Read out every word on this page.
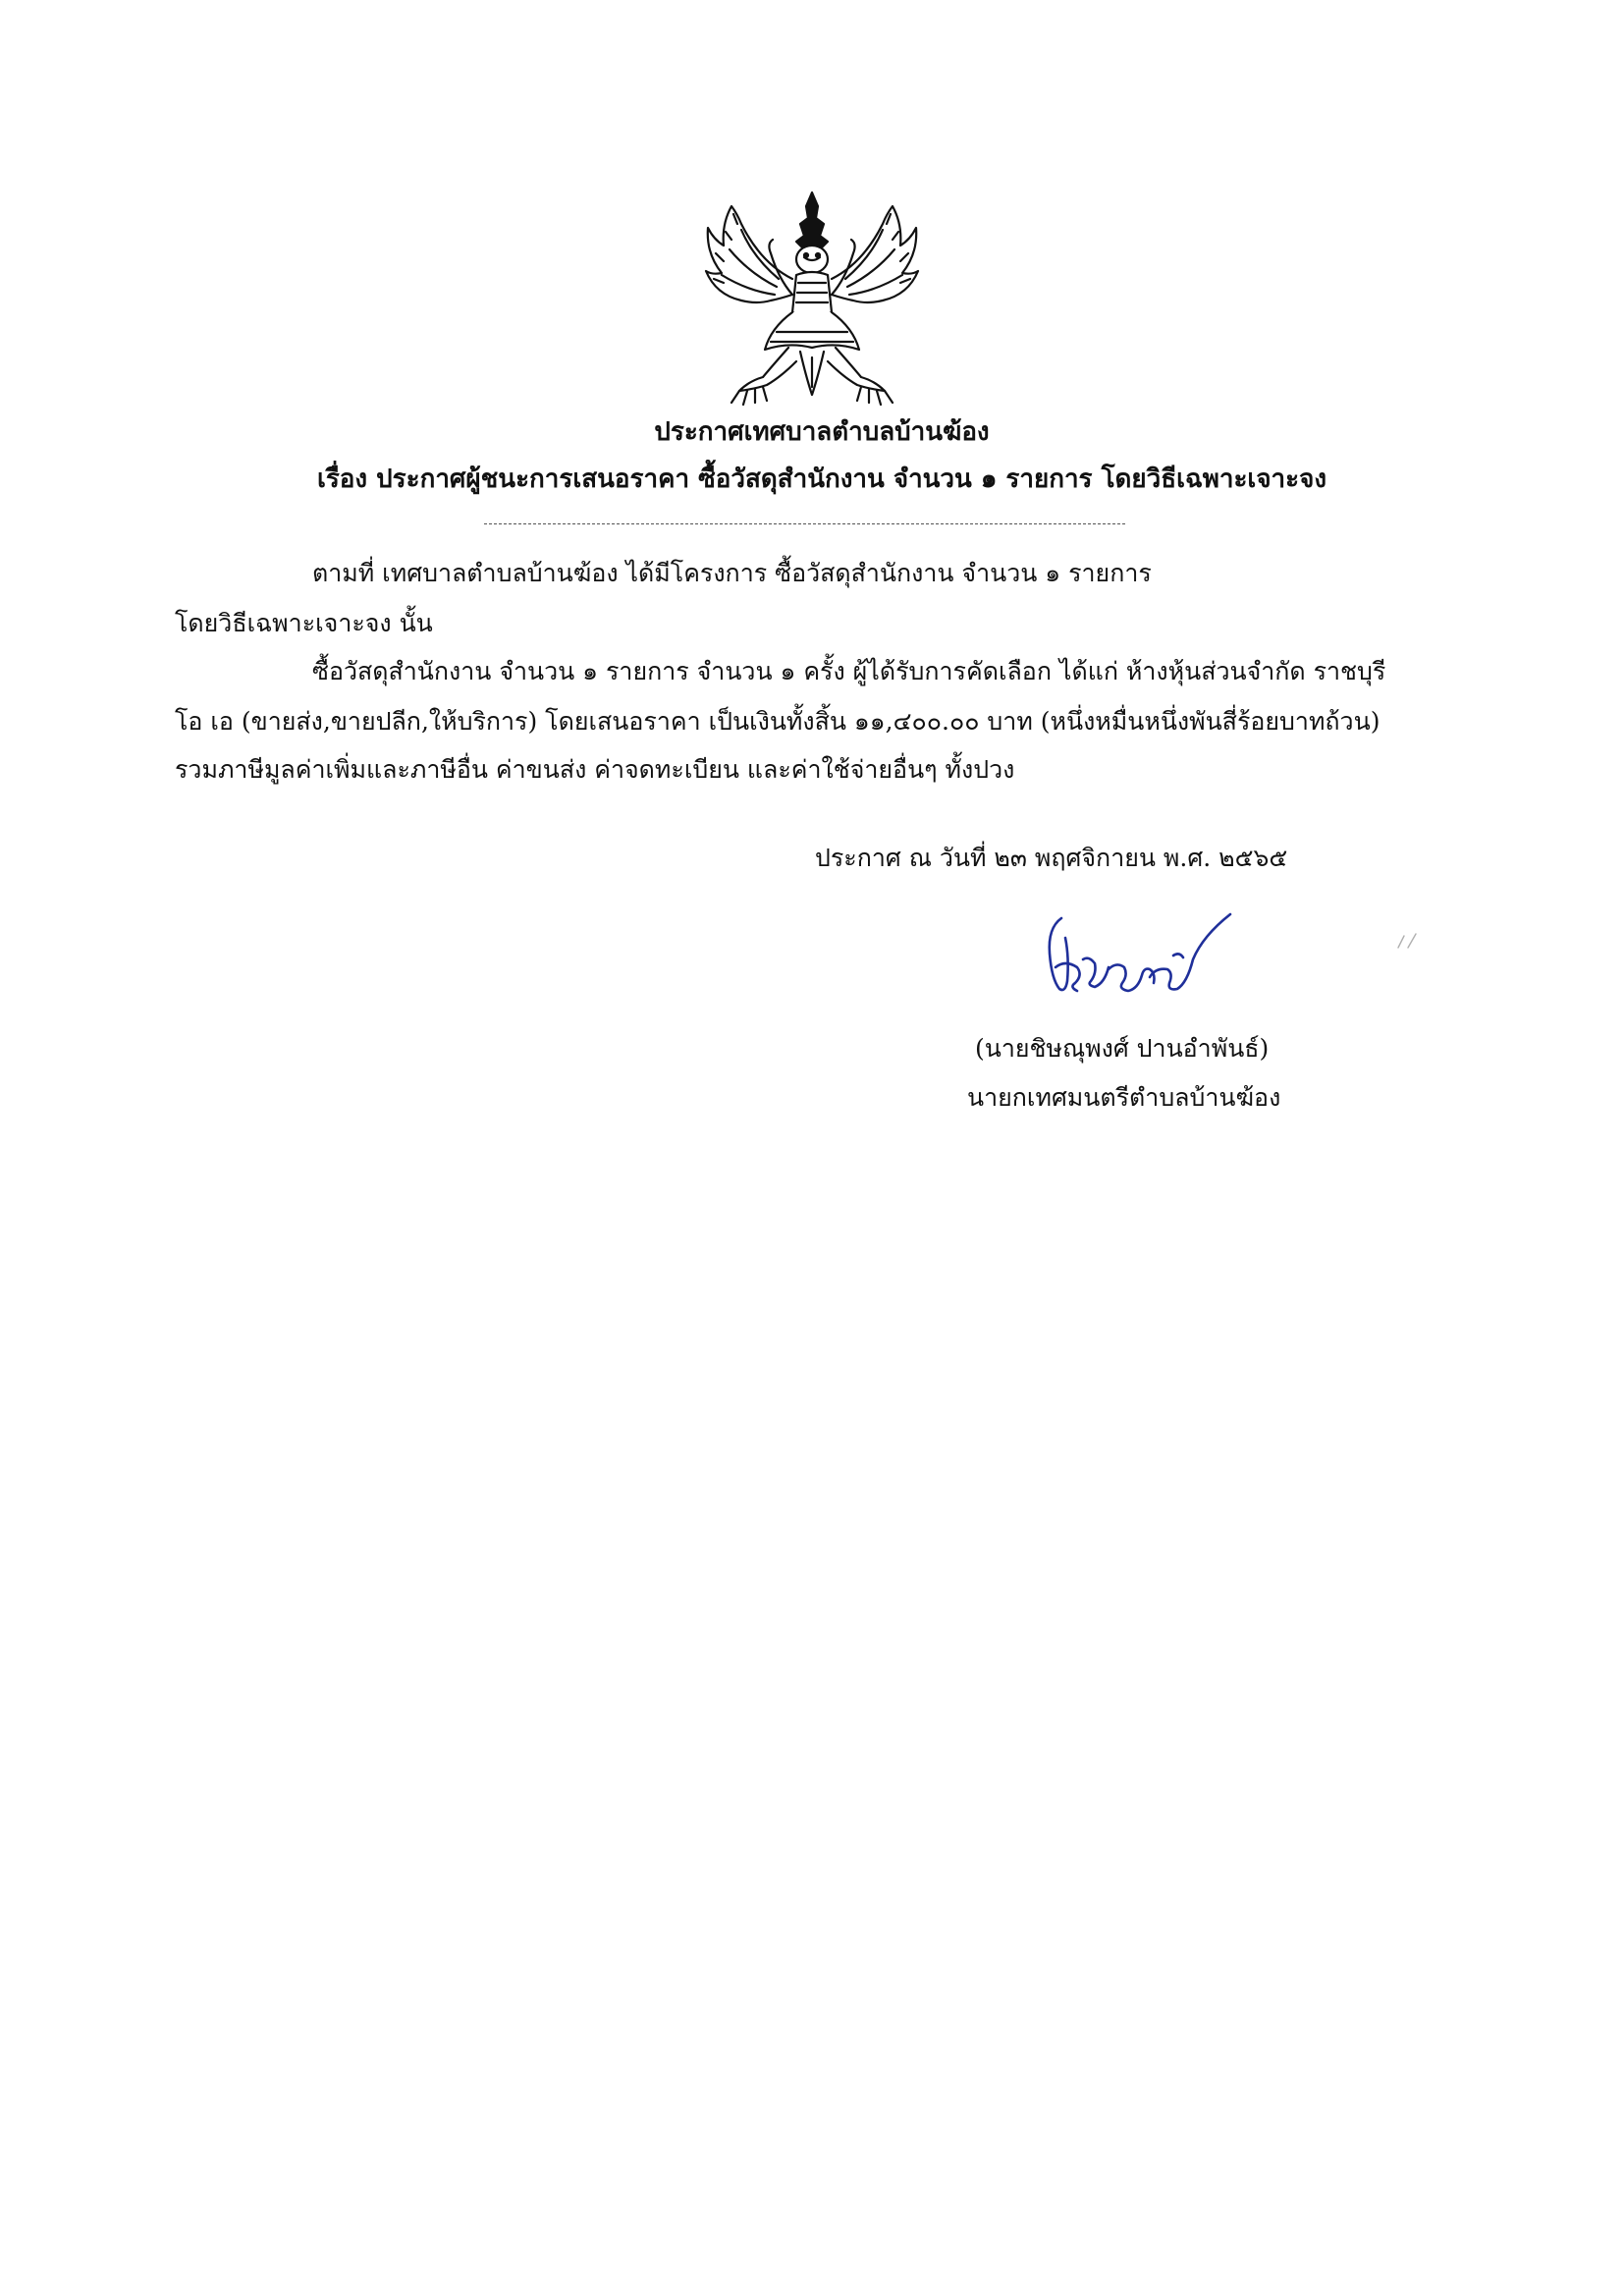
ประกาศเทศบาลตำบลบ้านฆ้อง
เรื่อง ประกาศผู้ชนะการเสนอราคา ซื้อวัสดุสำนักงาน จำนวน ๑ รายการ โดยวิธีเฉพาะเจาะจง
ตามที่ เทศบาลตำบลบ้านฆ้อง ได้มีโครงการ ซื้อวัสดุสำนักงาน จำนวน ๑ รายการ
โดยวิธีเฉพาะเจาะจง นั้น
ซื้อวัสดุสำนักงาน จำนวน ๑ รายการ จำนวน ๑ ครั้ง ผู้ได้รับการคัดเลือก ได้แก่ ห้างหุ้นส่วนจำกัด ราชบุรี
โอ เอ (ขายส่ง,ขายปลีก,ให้บริการ) โดยเสนอราคา เป็นเงินทั้งสิ้น ๑๑,๔๐๐.๐๐ บาท (หนึ่งหมื่นหนึ่งพันสี่ร้อยบาทถ้วน)
รวมภาษีมูลค่าเพิ่มและภาษีอื่น ค่าขนส่ง ค่าจดทะเบียน และค่าใช้จ่ายอื่นๆ ทั้งปวง
ประกาศ ณ วันที่ ๒๓ พฤศจิกายน พ.ศ. ๒๕๖๕
(นายชิษณุพงศ์ ปานอำพันธ์)
นายกเทศมนตรีตำบลบ้านฆ้อง
